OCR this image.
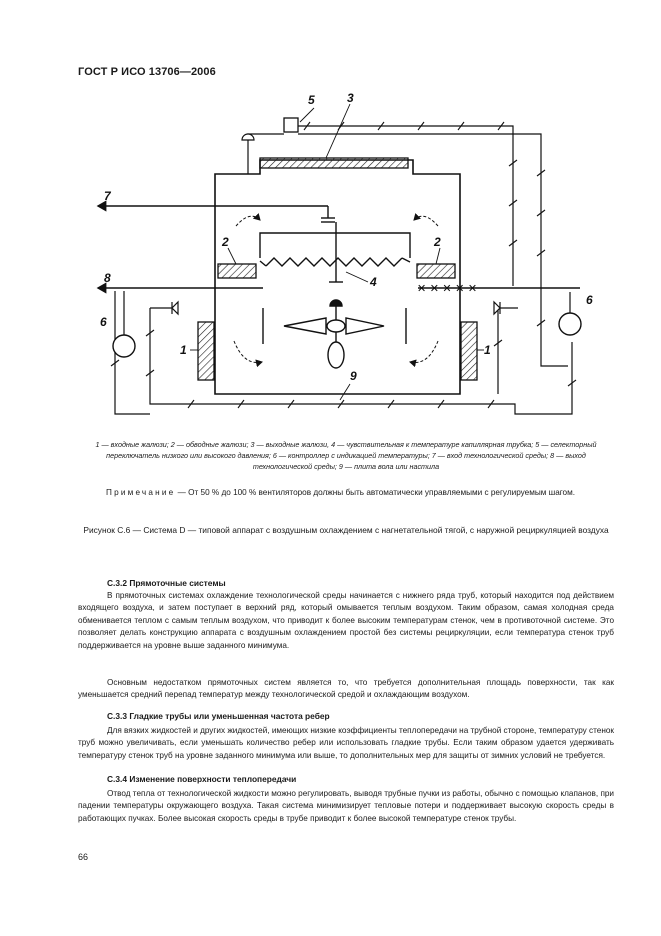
ГОСТ Р ИСО 13706—2006
✕ ✕ ✕ ✕ ✕
5	3
2	2
7
8	4
6
6
1	1
9
1 — входные жалюзи; 2 — обводные жалюзи; 3 — выходные жалюзи, 4 — чувствительная к температуре капиллярная трубка; 5 — селекторный переключатель низкого или высокого давления; 6 — контроллер с индикацией температуры; 7 — вход технологической среды; 8 — выход технологической среды; 9 — плита вола или настила
Примечание — От 50 % до 100 % вентиляторов должны быть автоматически управляемыми с регулируемым шагом.
Рисунок С.6 — Система D — типовой аппарат с воздушным охлаждением с нагнетательной тягой, с наружной рециркуляцией воздуха
С.3.2 Прямоточные системы
В прямоточных системах охлаждение технологической среды начинается с нижнего ряда труб, который находится под действием входящего воздуха, и затем поступает в верхний ряд, который омывается теплым воздухом. Таким образом, самая холодная среда обменивается теплом с самым теплым воздухом, что приводит к более высоким температурам стенок, чем в противоточной системе. Это позволяет делать конструкцию аппарата с воздушным охлаждением простой без системы рециркуляции, если температура стенок труб поддерживается на уровне выше заданного минимума.
Основным недостатком прямоточных систем является то, что требуется дополнительная площадь поверхности, так как уменьшается средний перепад температур между технологической средой и охлаждающим воздухом.
С.3.3 Гладкие трубы или уменьшенная частота ребер
Для вязких жидкостей и других жидкостей, имеющих низкие коэффициенты теплопередачи на трубной стороне, температуру стенок труб можно увеличивать, если уменьшать количество ребер или использовать гладкие трубы. Если таким образом удается удерживать температуру стенок труб на уровне заданного минимума или выше, то дополнительных мер для защиты от зимних условий не требуется.
С.3.4 Изменение поверхности теплопередачи
Отвод тепла от технологической жидкости можно регулировать, выводя трубные пучки из работы, обычно с помощью клапанов, при падении температуры окружающего воздуха. Такая система минимизирует тепловые потери и поддерживает высокую скорость среды в работающих пучках. Более высокая скорость среды в трубе приводит к более высокой температуре стенок трубы.
66
